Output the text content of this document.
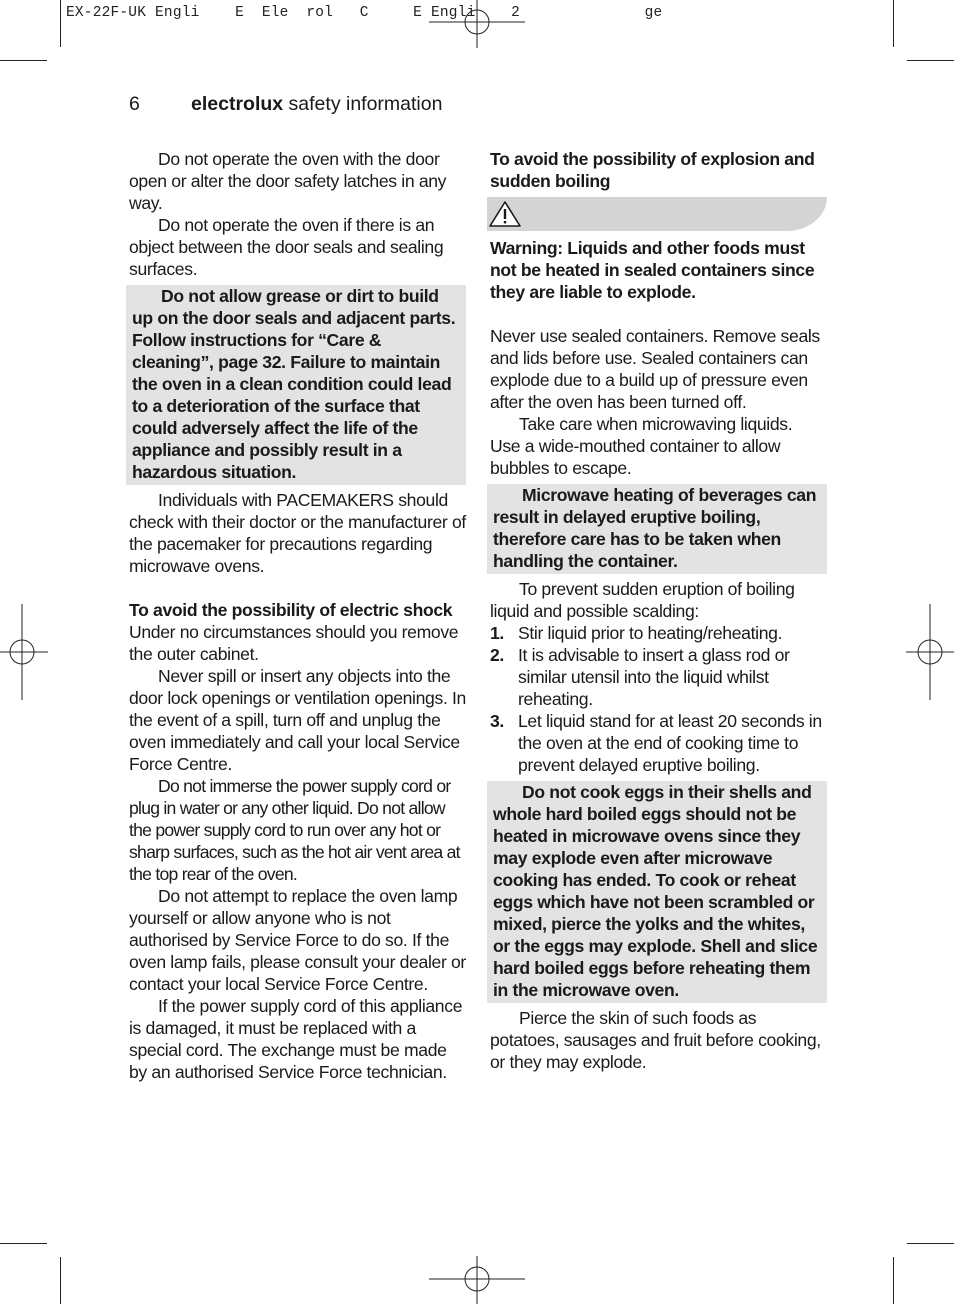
EX-22F-UK Engli    E  Ele  rol   C     E Engli    2              ge
6	electrolux safety information

Do not operate the oven with the door open or alter the door safety latches in any way.

Do not operate the oven if there is an object between the door seals and sealing surfaces.

Do not allow grease or dirt to build up on the door seals and adjacent parts. Follow instructions for “Care & cleaning”, page 32. Failure to maintain the oven in a clean condition could lead to a deterioration of the surface that could adversely affect the life of the appliance and possibly result in a hazardous situation.

Individuals with PACEMAKERS should check with their doctor or the manufacturer of the pacemaker for precautions regarding microwave ovens.

To avoid the possibility of electric shock

Under no circumstances should you remove the outer cabinet.

Never spill or insert any objects into the door lock openings or ventilation openings. In the event of a spill, turn off and unplug the oven immediately and call your local Service Force Centre.

Do not immerse the power supply cord or plug in water or any other liquid. Do not allow the power supply cord to run over any hot or sharp surfaces, such as the hot air vent area at the top rear of the oven.

Do not attempt to replace the oven lamp yourself or allow anyone who is not authorised by Service Force to do so. If the oven lamp fails, please consult your dealer or contact your local Service Force Centre.

If the power supply cord of this appliance is damaged, it must be replaced with a special cord. The exchange must be made by an authorised Service Force technician.

To avoid the possibility of explosion and sudden boiling

Warning: Liquids and other foods must not be heated in sealed containers since they are liable to explode.

Never use sealed containers. Remove seals and lids before use. Sealed containers can explode due to a build up of pressure even after the oven has been turned off.

Take care when microwaving liquids. Use a wide-mouthed container to allow bubbles to escape.

Microwave heating of beverages can result in delayed eruptive boiling, therefore care has to be taken when handling the container.

To prevent sudden eruption of boiling liquid and possible scalding:

1. Stir liquid prior to heating/reheating.
2. It is advisable to insert a glass rod or similar utensil into the liquid whilst reheating.
3. Let liquid stand for at least 20 seconds in the oven at the end of cooking time to prevent delayed eruptive boiling.

Do not cook eggs in their shells and whole hard boiled eggs should not be heated in microwave ovens since they may explode even after microwave cooking has ended. To cook or reheat eggs which have not been scrambled or mixed, pierce the yolks and the whites, or the eggs may explode. Shell and slice hard boiled eggs before reheating them in the microwave oven.

Pierce the skin of such foods as potatoes, sausages and fruit before cooking, or they may explode.
